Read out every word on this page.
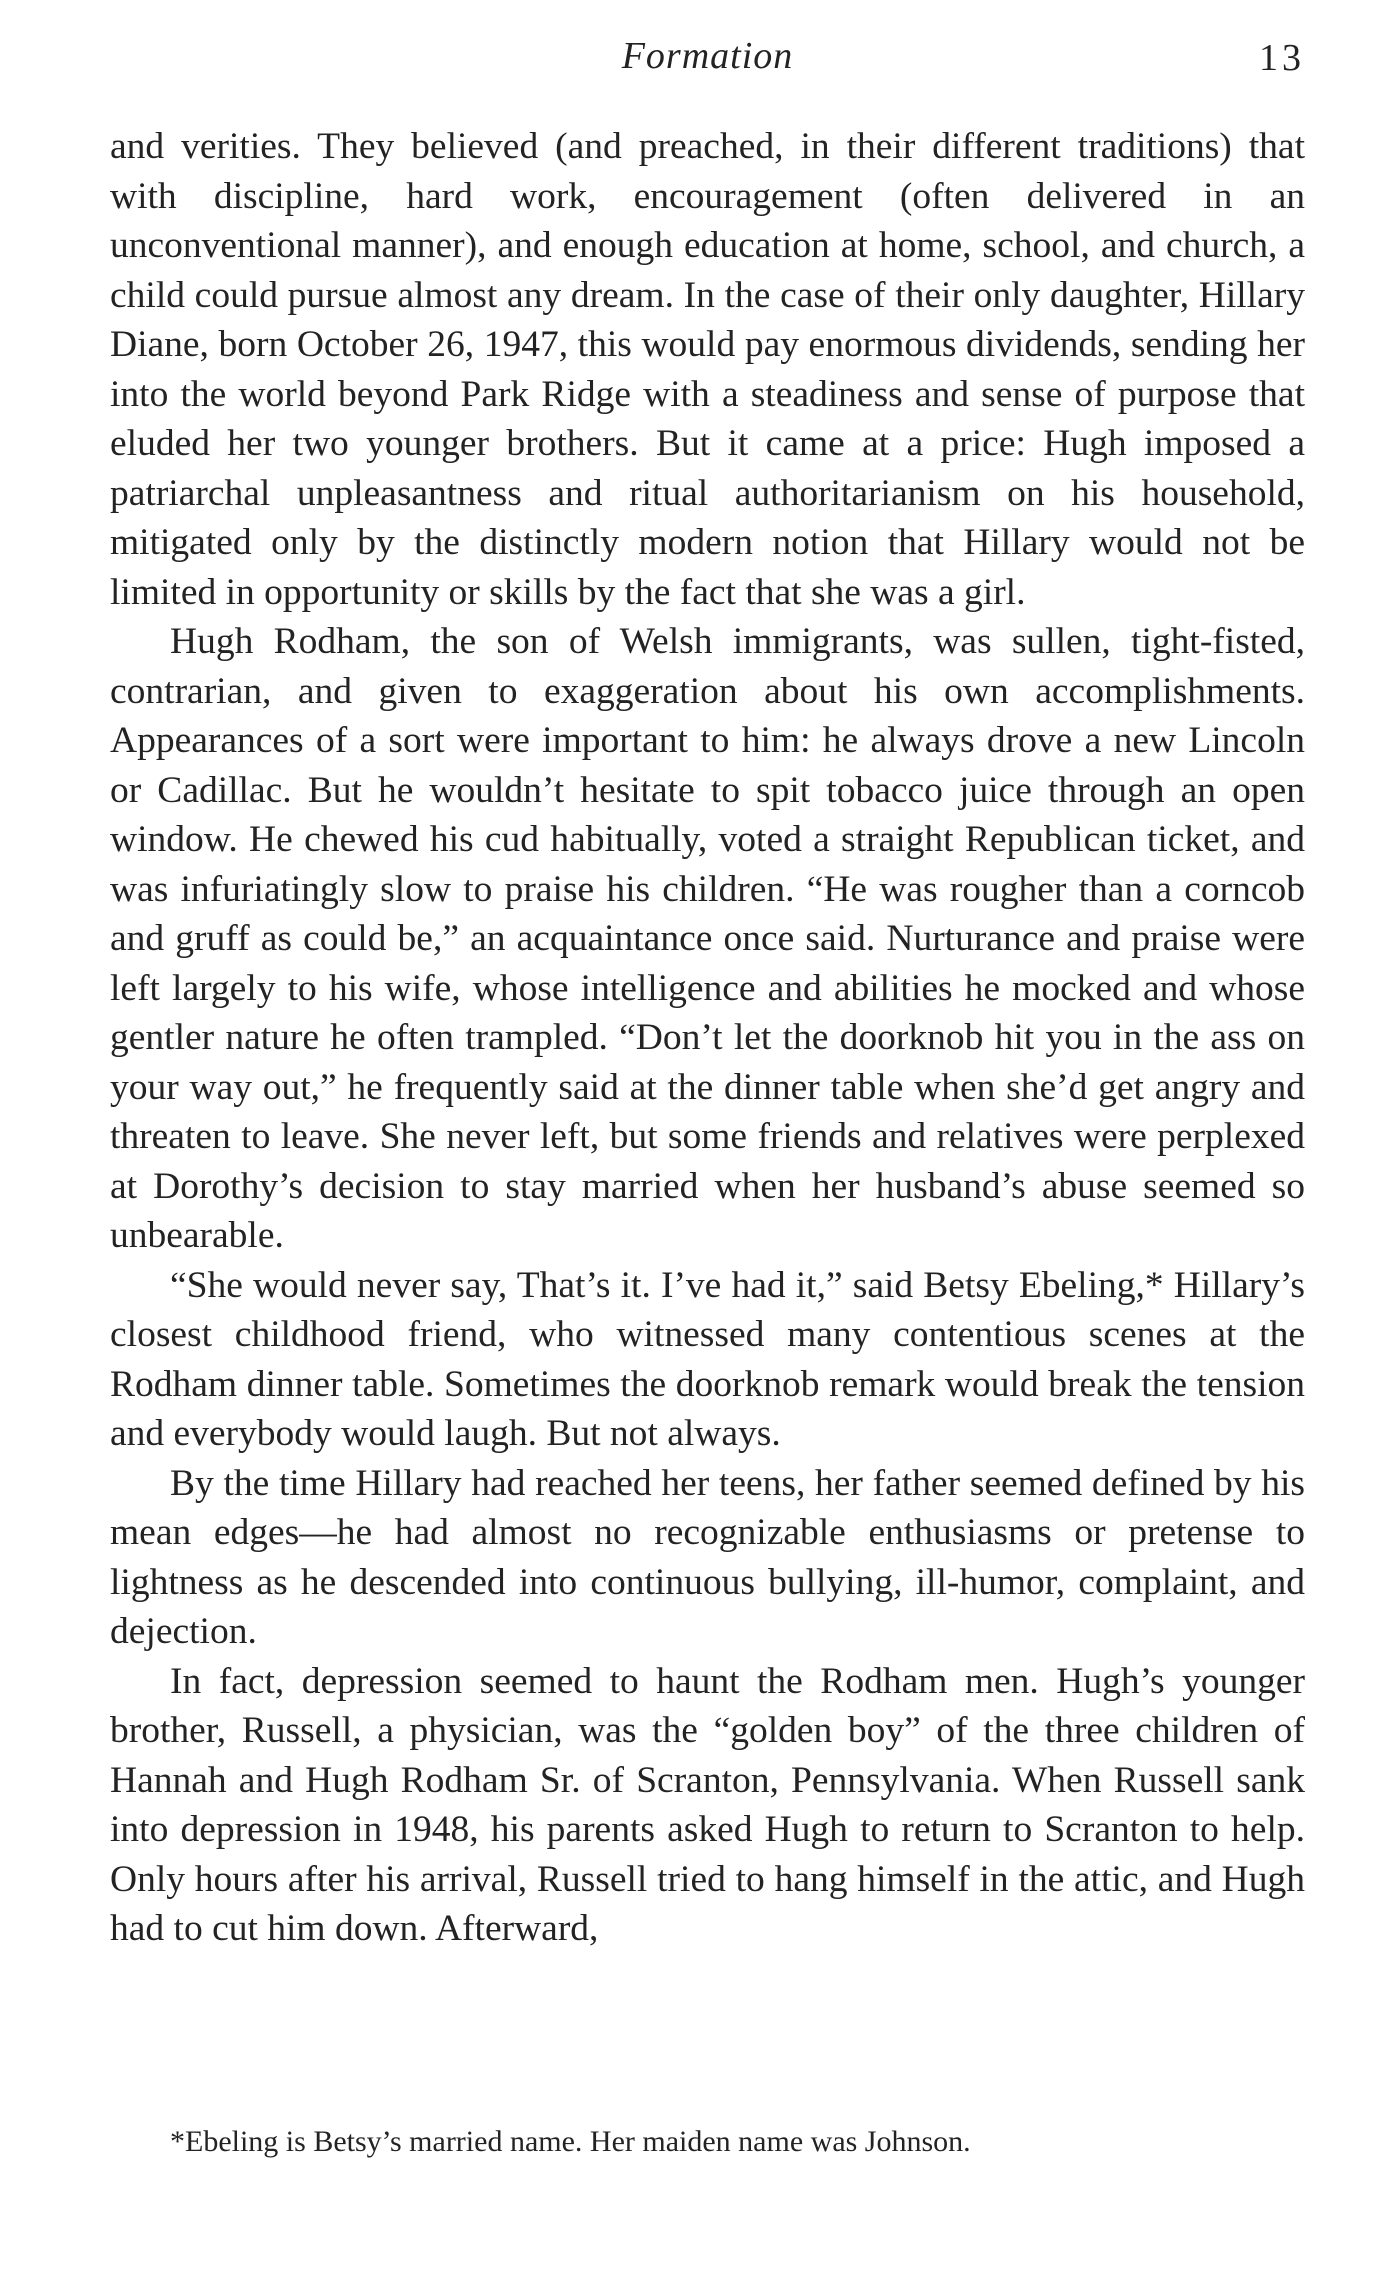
Formation	13

and verities. They believed (and preached, in their different traditions) that with discipline, hard work, encouragement (often delivered in an unconventional manner), and enough education at home, school, and church, a child could pursue almost any dream. In the case of their only daughter, Hillary Diane, born October 26, 1947, this would pay enormous dividends, sending her into the world beyond Park Ridge with a steadiness and sense of purpose that eluded her two younger brothers. But it came at a price: Hugh imposed a patriarchal unpleasantness and ritual authoritarianism on his household, mitigated only by the distinctly modern notion that Hillary would not be limited in opportunity or skills by the fact that she was a girl.

Hugh Rodham, the son of Welsh immigrants, was sullen, tight-fisted, contrarian, and given to exaggeration about his own accomplishments. Appearances of a sort were important to him: he always drove a new Lincoln or Cadillac. But he wouldn’t hesitate to spit tobacco juice through an open window. He chewed his cud habitually, voted a straight Republican ticket, and was infuriatingly slow to praise his children. “He was rougher than a corncob and gruff as could be,” an acquaintance once said. Nurturance and praise were left largely to his wife, whose intelligence and abilities he mocked and whose gentler nature he often trampled. “Don’t let the doorknob hit you in the ass on your way out,” he frequently said at the dinner table when she’d get angry and threaten to leave. She never left, but some friends and relatives were perplexed at Dorothy’s decision to stay married when her husband’s abuse seemed so unbearable.

“She would never say, That’s it. I’ve had it,” said Betsy Ebeling,* Hillary’s closest childhood friend, who witnessed many contentious scenes at the Rodham dinner table. Sometimes the doorknob remark would break the tension and everybody would laugh. But not always.

By the time Hillary had reached her teens, her father seemed defined by his mean edges—he had almost no recognizable enthusiasms or pretense to lightness as he descended into continuous bullying, ill-humor, complaint, and dejection.

In fact, depression seemed to haunt the Rodham men. Hugh’s younger brother, Russell, a physician, was the “golden boy” of the three children of Hannah and Hugh Rodham Sr. of Scranton, Pennsylvania. When Russell sank into depression in 1948, his parents asked Hugh to return to Scranton to help. Only hours after his arrival, Russell tried to hang himself in the attic, and Hugh had to cut him down. Afterward,

*Ebeling is Betsy’s married name. Her maiden name was Johnson.
